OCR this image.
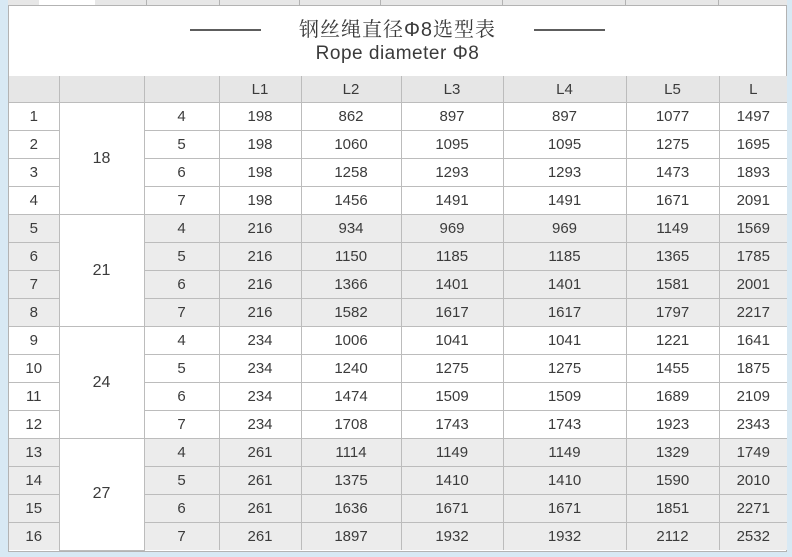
钢丝绳直径Φ8选型表
Rope diameter Φ8
			L1	L2	L3	L4	L5	L
1	18	4	198	862	897	897	1077	1497
2		5	198	1060	1095	1095	1275	1695
3		6	198	1258	1293	1293	1473	1893
4		7	198	1456	1491	1491	1671	2091
5	21	4	216	934	969	969	1149	1569
6		5	216	1150	1185	1185	1365	1785
7		6	216	1366	1401	1401	1581	2001
8		7	216	1582	1617	1617	1797	2217
9	24	4	234	1006	1041	1041	1221	1641
10		5	234	1240	1275	1275	1455	1875
11		6	234	1474	1509	1509	1689	2109
12		7	234	1708	1743	1743	1923	2343
13	27	4	261	1114	1149	1149	1329	1749
14		5	261	1375	1410	1410	1590	2010
15		6	261	1636	1671	1671	1851	2271
16		7	261	1897	1932	1932	2112	2532
